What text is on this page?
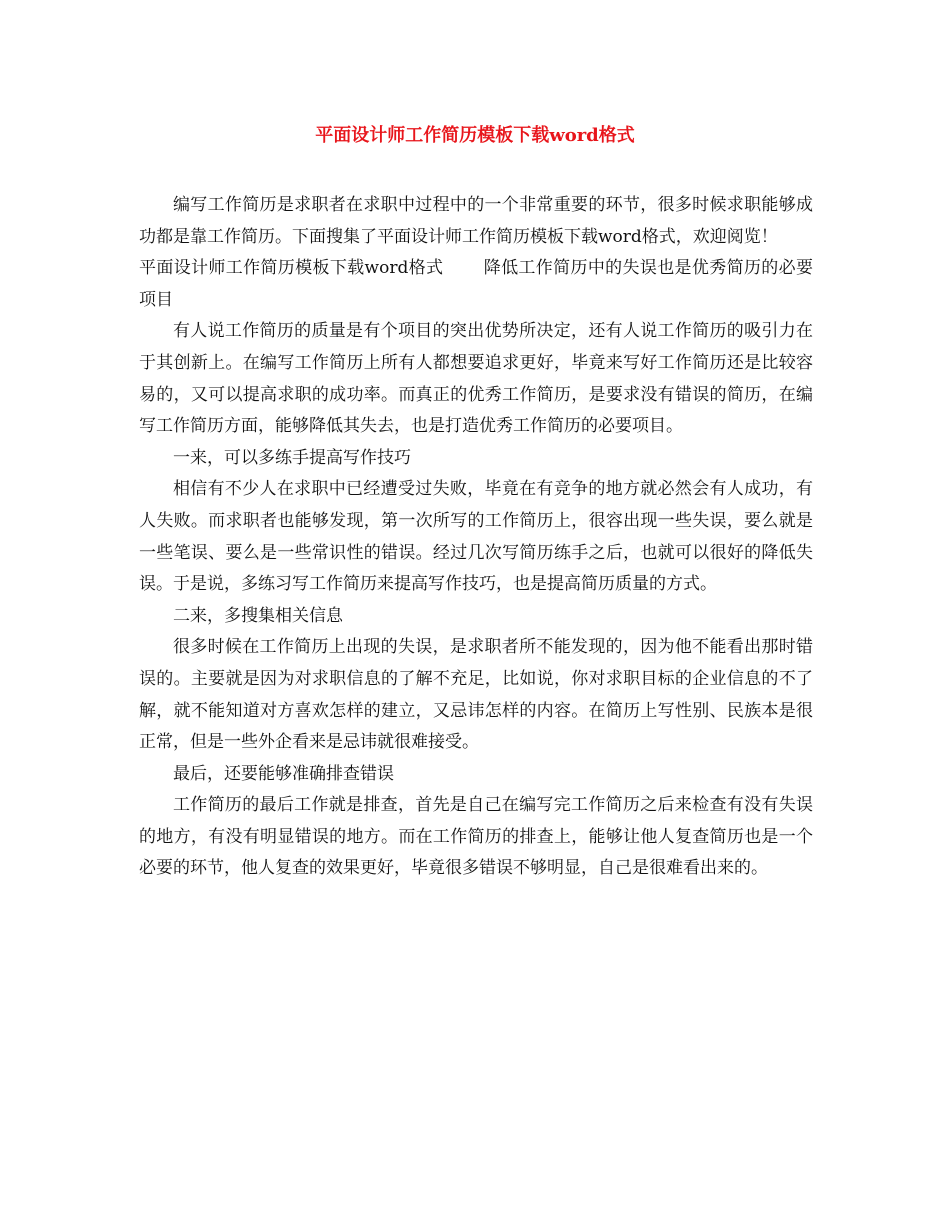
平面设计师工作简历模板下载word格式

编写工作简历是求职者在求职中过程中的一个非常重要的环节，很多时候求职能够成功都是靠工作简历。下面搜集了平面设计师工作简历模板下载word格式，欢迎阅览！

平面设计师工作简历模板下载word格式 降低工作简历中的失误也是优秀简历的必要项目

有人说工作简历的质量是有个项目的突出优势所决定，还有人说工作简历的吸引力在于其创新上。在编写工作简历上所有人都想要追求更好，毕竟来写好工作简历还是比较容易的，又可以提高求职的成功率。而真正的优秀工作简历，是要求没有错误的简历，在编写工作简历方面，能够降低其失去，也是打造优秀工作简历的必要项目。

一来，可以多练手提高写作技巧

相信有不少人在求职中已经遭受过失败，毕竟在有竞争的地方就必然会有人成功，有人失败。而求职者也能够发现，第一次所写的工作简历上，很容出现一些失误，要么就是一些笔误、要么是一些常识性的错误。经过几次写简历练手之后，也就可以很好的降低失误。于是说，多练习写工作简历来提高写作技巧，也是提高简历质量的方式。

二来，多搜集相关信息

很多时候在工作简历上出现的失误，是求职者所不能发现的，因为他不能看出那时错误的。主要就是因为对求职信息的了解不充足，比如说，你对求职目标的企业信息的不了解，就不能知道对方喜欢怎样的建立，又忌讳怎样的内容。在简历上写性别、民族本是很正常，但是一些外企看来是忌讳就很难接受。

最后，还要能够准确排查错误

工作简历的最后工作就是排查，首先是自己在编写完工作简历之后来检查有没有失误的地方，有没有明显错误的地方。而在工作简历的排查上，能够让他人复查简历也是一个必要的环节，他人复查的效果更好，毕竟很多错误不够明显，自己是很难看出来的。
